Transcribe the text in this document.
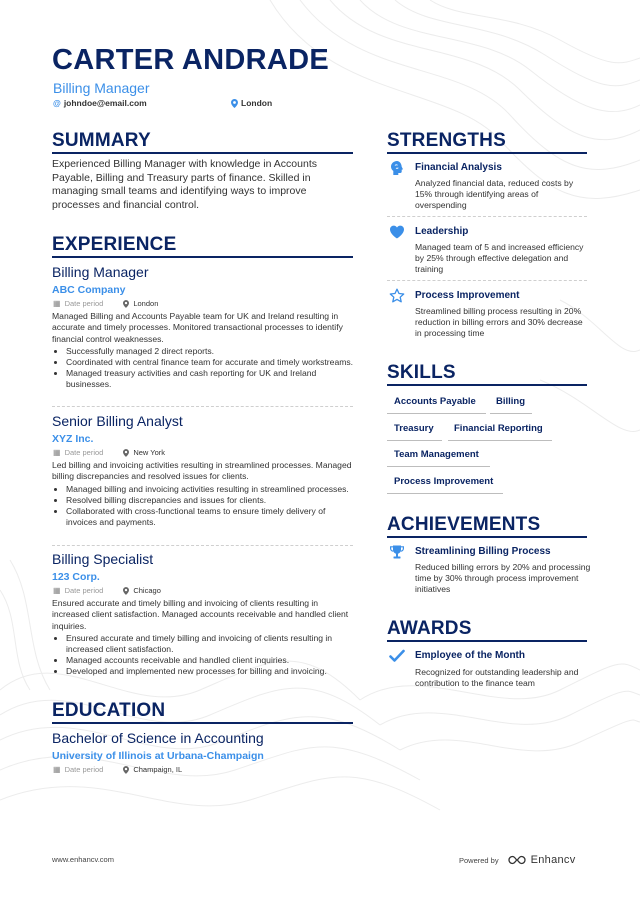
CARTER ANDRADE
Billing Manager
@ johndoe@email.com	London
SUMMARY
Experienced Billing Manager with knowledge in Accounts Payable, Billing and Treasury parts of finance. Skilled in managing small teams and identifying ways to improve processes and financial control.
EXPERIENCE
Billing Manager
ABC Company
▦ Date period	London
Managed Billing and Accounts Payable team for UK and Ireland resulting in accurate and timely processes. Monitored transactional processes to identify financial control weaknesses.
• Successfully managed 2 direct reports.
• Coordinated with central finance team for accurate and timely workstreams.
• Managed treasury activities and cash reporting for UK and Ireland businesses.
Senior Billing Analyst
XYZ Inc.
▦ Date period	New York
Led billing and invoicing activities resulting in streamlined processes. Managed billing discrepancies and resolved issues for clients.
• Managed billing and invoicing activities resulting in streamlined processes.
• Resolved billing discrepancies and issues for clients.
• Collaborated with cross-functional teams to ensure timely delivery of invoices and payments.
Billing Specialist
123 Corp.
▦ Date period	Chicago
Ensured accurate and timely billing and invoicing of clients resulting in increased client satisfaction. Managed accounts receivable and handled client inquiries.
• Ensured accurate and timely billing and invoicing of clients resulting in increased client satisfaction.
• Managed accounts receivable and handled client inquiries.
• Developed and implemented new processes for billing and invoicing.
EDUCATION
Bachelor of Science in Accounting
University of Illinois at Urbana-Champaign
▦ Date period	Champaign, IL
STRENGTHS
Financial Analysis
Analyzed financial data, reduced costs by 15% through identifying areas of overspending
Leadership
Managed team of 5 and increased efficiency by 25% through effective delegation and training
Process Improvement
Streamlined billing process resulting in 20% reduction in billing errors and 30% decrease in processing time
SKILLS
Accounts Payable Billing
Treasury Financial Reporting
Team Management
Process Improvement
ACHIEVEMENTS
Streamlining Billing Process
Reduced billing errors by 20% and processing time by 30% through process improvement initiatives
AWARDS
Employee of the Month
Recognized for outstanding leadership and contribution to the finance team
www.enhancv.com	Powered by	Enhancv
